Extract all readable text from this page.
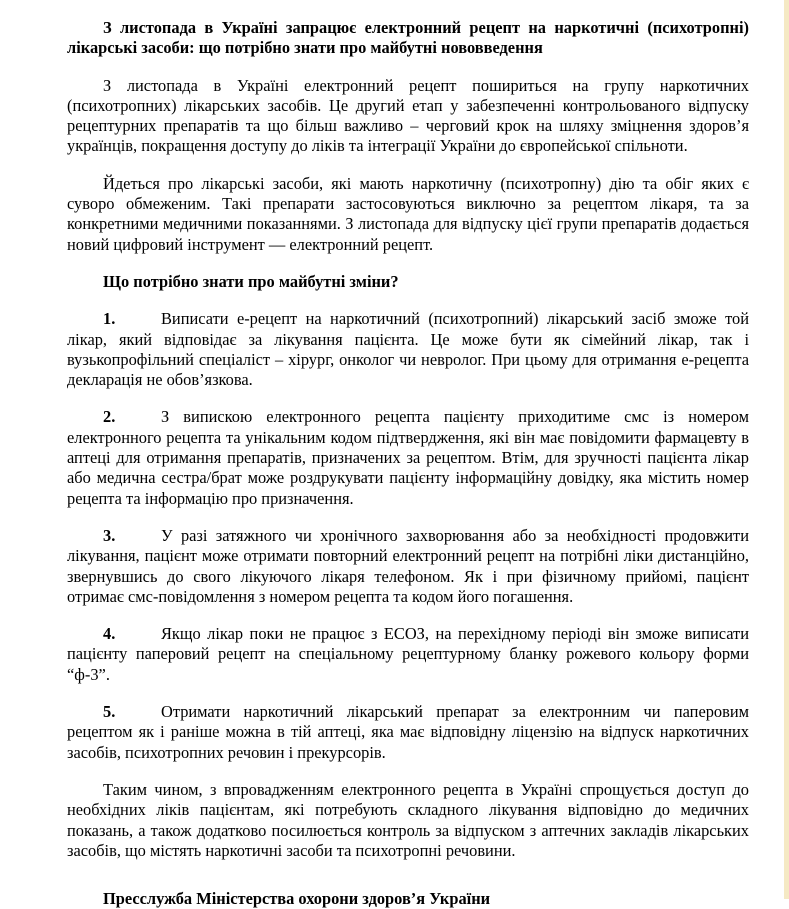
З листопада в Україні запрацює електронний рецепт на наркотичні (психотропні) лікарські засоби: що потрібно знати про майбутні нововведення

З листопада в Україні електронний рецепт пошириться на групу наркотичних (психотропних) лікарських засобів. Це другий етап у забезпеченні контрольованого відпуску рецептурних препаратів та що більш важливо – черговий крок на шляху зміцнення здоров’я українців, покращення доступу до ліків та інтеграції України до європейської спільноти.

Йдеться про лікарські засоби, які мають наркотичну (психотропну) дію та обіг яких є суворо обмеженим. Такі препарати застосовуються виключно за рецептом лікаря, та за конкретними медичними показаннями. З листопада для відпуску цієї групи препаратів додається новий цифровий інструмент — електронний рецепт.

Що потрібно знати про майбутні зміни?

1.	Виписати е-рецепт на наркотичний (психотропний) лікарський засіб зможе той лікар, який відповідає за лікування пацієнта. Це може бути як сімейний лікар, так і вузькопрофільний спеціаліст – хірург, онколог чи невролог. При цьому для отримання е-рецепта декларація не обов’язкова.

2.	З випискою електронного рецепта пацієнту приходитиме смс із номером електронного рецепта та унікальним кодом підтвердження, які він має повідомити фармацевту в аптеці для отримання препаратів, призначених за рецептом. Втім, для зручності пацієнта лікар або медична сестра/брат може роздрукувати пацієнту інформаційну довідку, яка містить номер рецепта та інформацію про призначення.

3.	У разі затяжного чи хронічного захворювання або за необхідності продовжити лікування, пацієнт може отримати повторний електронний рецепт на потрібні ліки дистанційно, звернувшись до свого лікуючого лікаря телефоном. Як і при фізичному прийомі, пацієнт отримає смс-повідомлення з номером рецепта та кодом його погашення.

4.	Якщо лікар поки не працює з ЕСОЗ, на перехідному періоді він зможе виписати пацієнту паперовий рецепт на спеціальному рецептурному бланку рожевого кольору форми “ф-3”.

5.	Отримати наркотичний лікарський препарат за електронним чи паперовим рецептом як і раніше можна в тій аптеці, яка має відповідну ліцензію на відпуск наркотичних засобів, психотропних речовин і прекурсорів.

Таким чином, з впровадженням електронного рецепта в Україні спрощується доступ до необхідних ліків пацієнтам, які потребують складного лікування відповідно до медичних показань, а також додатково посилюється контроль за відпуском з аптечних закладів лікарських засобів, що містять наркотичні засоби та психотропні речовини.

Пресслужба Міністерства охорони здоров’я України
